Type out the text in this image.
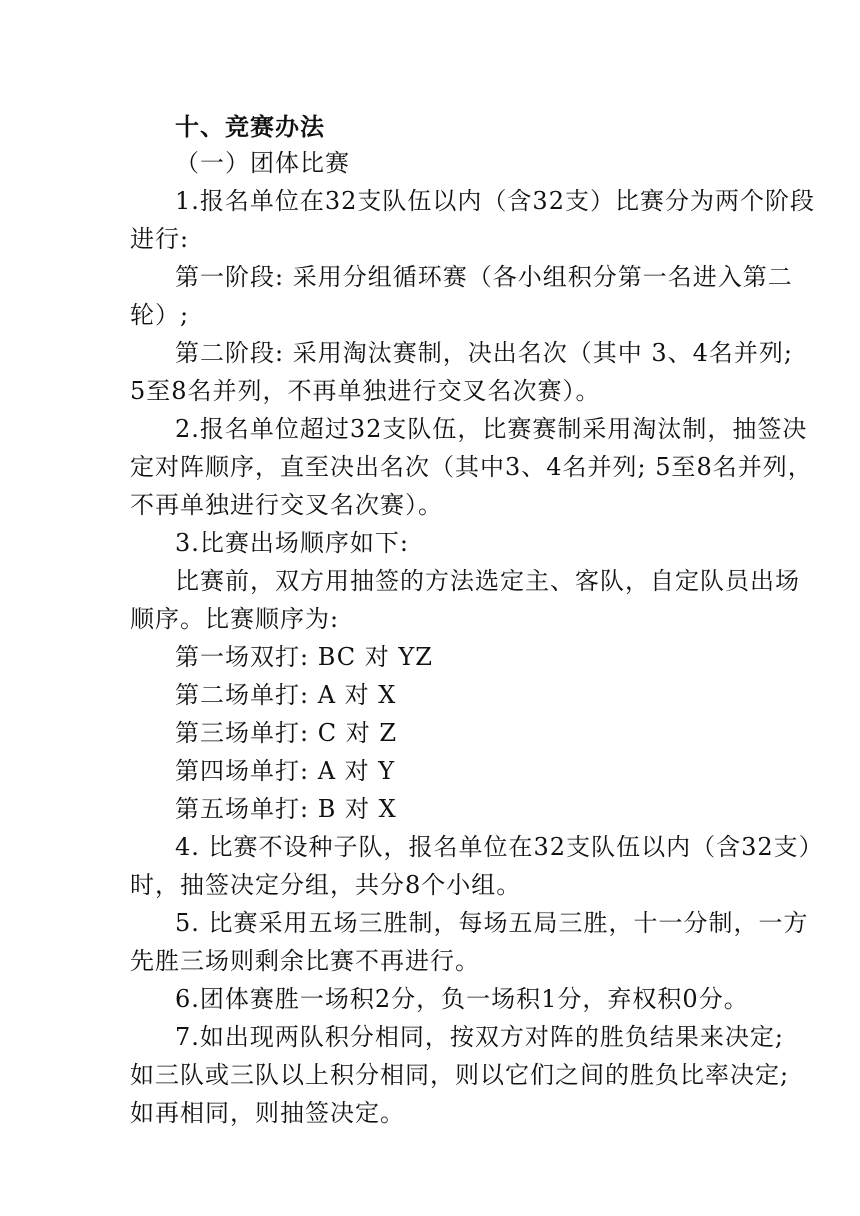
十、竞赛办法
（一）团体比赛
1.报名单位在32支队伍以内（含32支）比赛分为两个阶段
进行:
第一阶段: 采用分组循环赛（各小组积分第一名进入第二
轮）;
第二阶段: 采用淘汰赛制，决出名次（其中 3、4名并列;
5至8名并列，不再单独进行交叉名次赛）。
2.报名单位超过32支队伍，比赛赛制采用淘汰制，抽签决
定对阵顺序，直至决出名次（其中3、4名并列; 5至8名并列，
不再单独进行交叉名次赛）。
3.比赛出场顺序如下:
比赛前，双方用抽签的方法选定主、客队，自定队员出场
顺序。比赛顺序为:
第一场双打: BC 对 YZ
第二场单打: A 对 X
第三场单打: C 对 Z
第四场单打: A 对 Y
第五场单打: B 对 X
4. 比赛不设种子队，报名单位在32支队伍以内（含32支）
时，抽签决定分组，共分8个小组。
5. 比赛采用五场三胜制，每场五局三胜，十一分制，一方
先胜三场则剩余比赛不再进行。
6.团体赛胜一场积2分，负一场积1分，弃权积0分。
7.如出现两队积分相同，按双方对阵的胜负结果来决定;
如三队或三队以上积分相同，则以它们之间的胜负比率决定;
如再相同，则抽签决定。
